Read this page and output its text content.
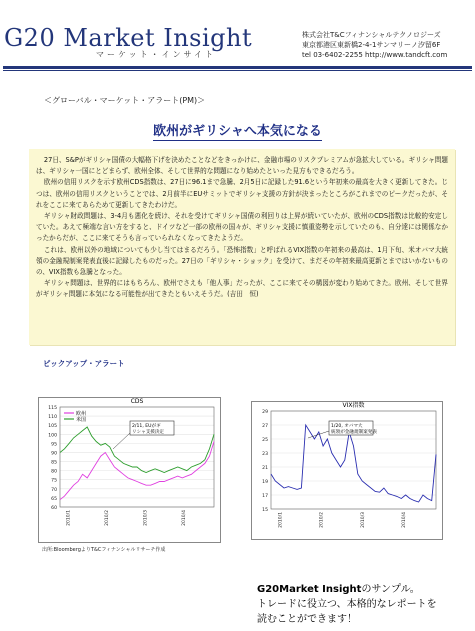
G20 Market Insight
マーケット・インサイト
株式会社T&Cフィナンシャルテクノロジーズ
東京都港区東新橋2-4-1サンマリーノ汐留6F
tel 03-6402-2255 http://www.tandcft.com
＜グローバル・マーケット・アラート(PM)＞
欧州がギリシャへ本気になる

27日、S&Pがギリシャ国債の大幅格下げを決めたことなどをきっかけに、金融市場のリスクプレミアムが急拡大している。ギリシャ問題は、ギリシャ一国にとどまらず、欧州全体、そして世界的な問題になり始めたといった見方もできるだろう。

欧州の信用リスクを示す欧州CDS指数は、27日に96.1まで急騰、2月5日に記録した91.6という年初来の最高を大きく更新してきた。じつは、欧州の信用リスクということでは、2月前半にEUサミットでギリシャ支援の方針が決まったところがこれまでのピークだったが、それをここに来てあらためて更新してきたわけだ。

ギリシャ財政問題は、3-4月も悪化を続け、それを受けてギリシャ国債の利回りは上昇が続いていたが、欧州のCDS指数は比較的安定していた。あえて極端な言い方をすると、ドイツなど一部の欧州の国々が、ギリシャ支援に慎重姿勢を示していたのも、自分達には関係なかったからだが、ここに来てそうも言っていられなくなってきたようだ。

これは、欧州以外の地域についても少し当てはまるだろう。「恐怖指数」と呼ばれるVIX指数の年初来の最高は、1月下旬、米オバマ大統領の金融規制案発表直後に記録したものだった。27日の「ギリシャ・ショック」を受けて、まだその年初来最高更新とまではいかないものの、VIX指数も急騰となった。

ギリシャ問題は、世界的にはもちろん、欧州でさえも「他人事」だったが、ここに来てその構図が変わり始めてきた。欧州、そして世界がギリシャ問題に本気になる可能性が出てきたともいえそうだ。(吉田　恒)

ピックアップ・アラート
CDS
60
65
70
75
80
85
90
95
100
105
110
115
2010/1	2010/2	2010/3	2010/4
欧州
米国
2/11, EUがギ
リシャ支援決定
VIX指数
15
17
19
21
23
25
27
29
2010/1	2010/2	2010/3	2010/4
1/20, オバマ大
統領が金融規制案発表
出所:BloombergよりT&Cフィナンシャルリサーチ作成
G20Market Insightのサンプル。
トレードに役立つ、本格的なレポートを
読むことができます！
